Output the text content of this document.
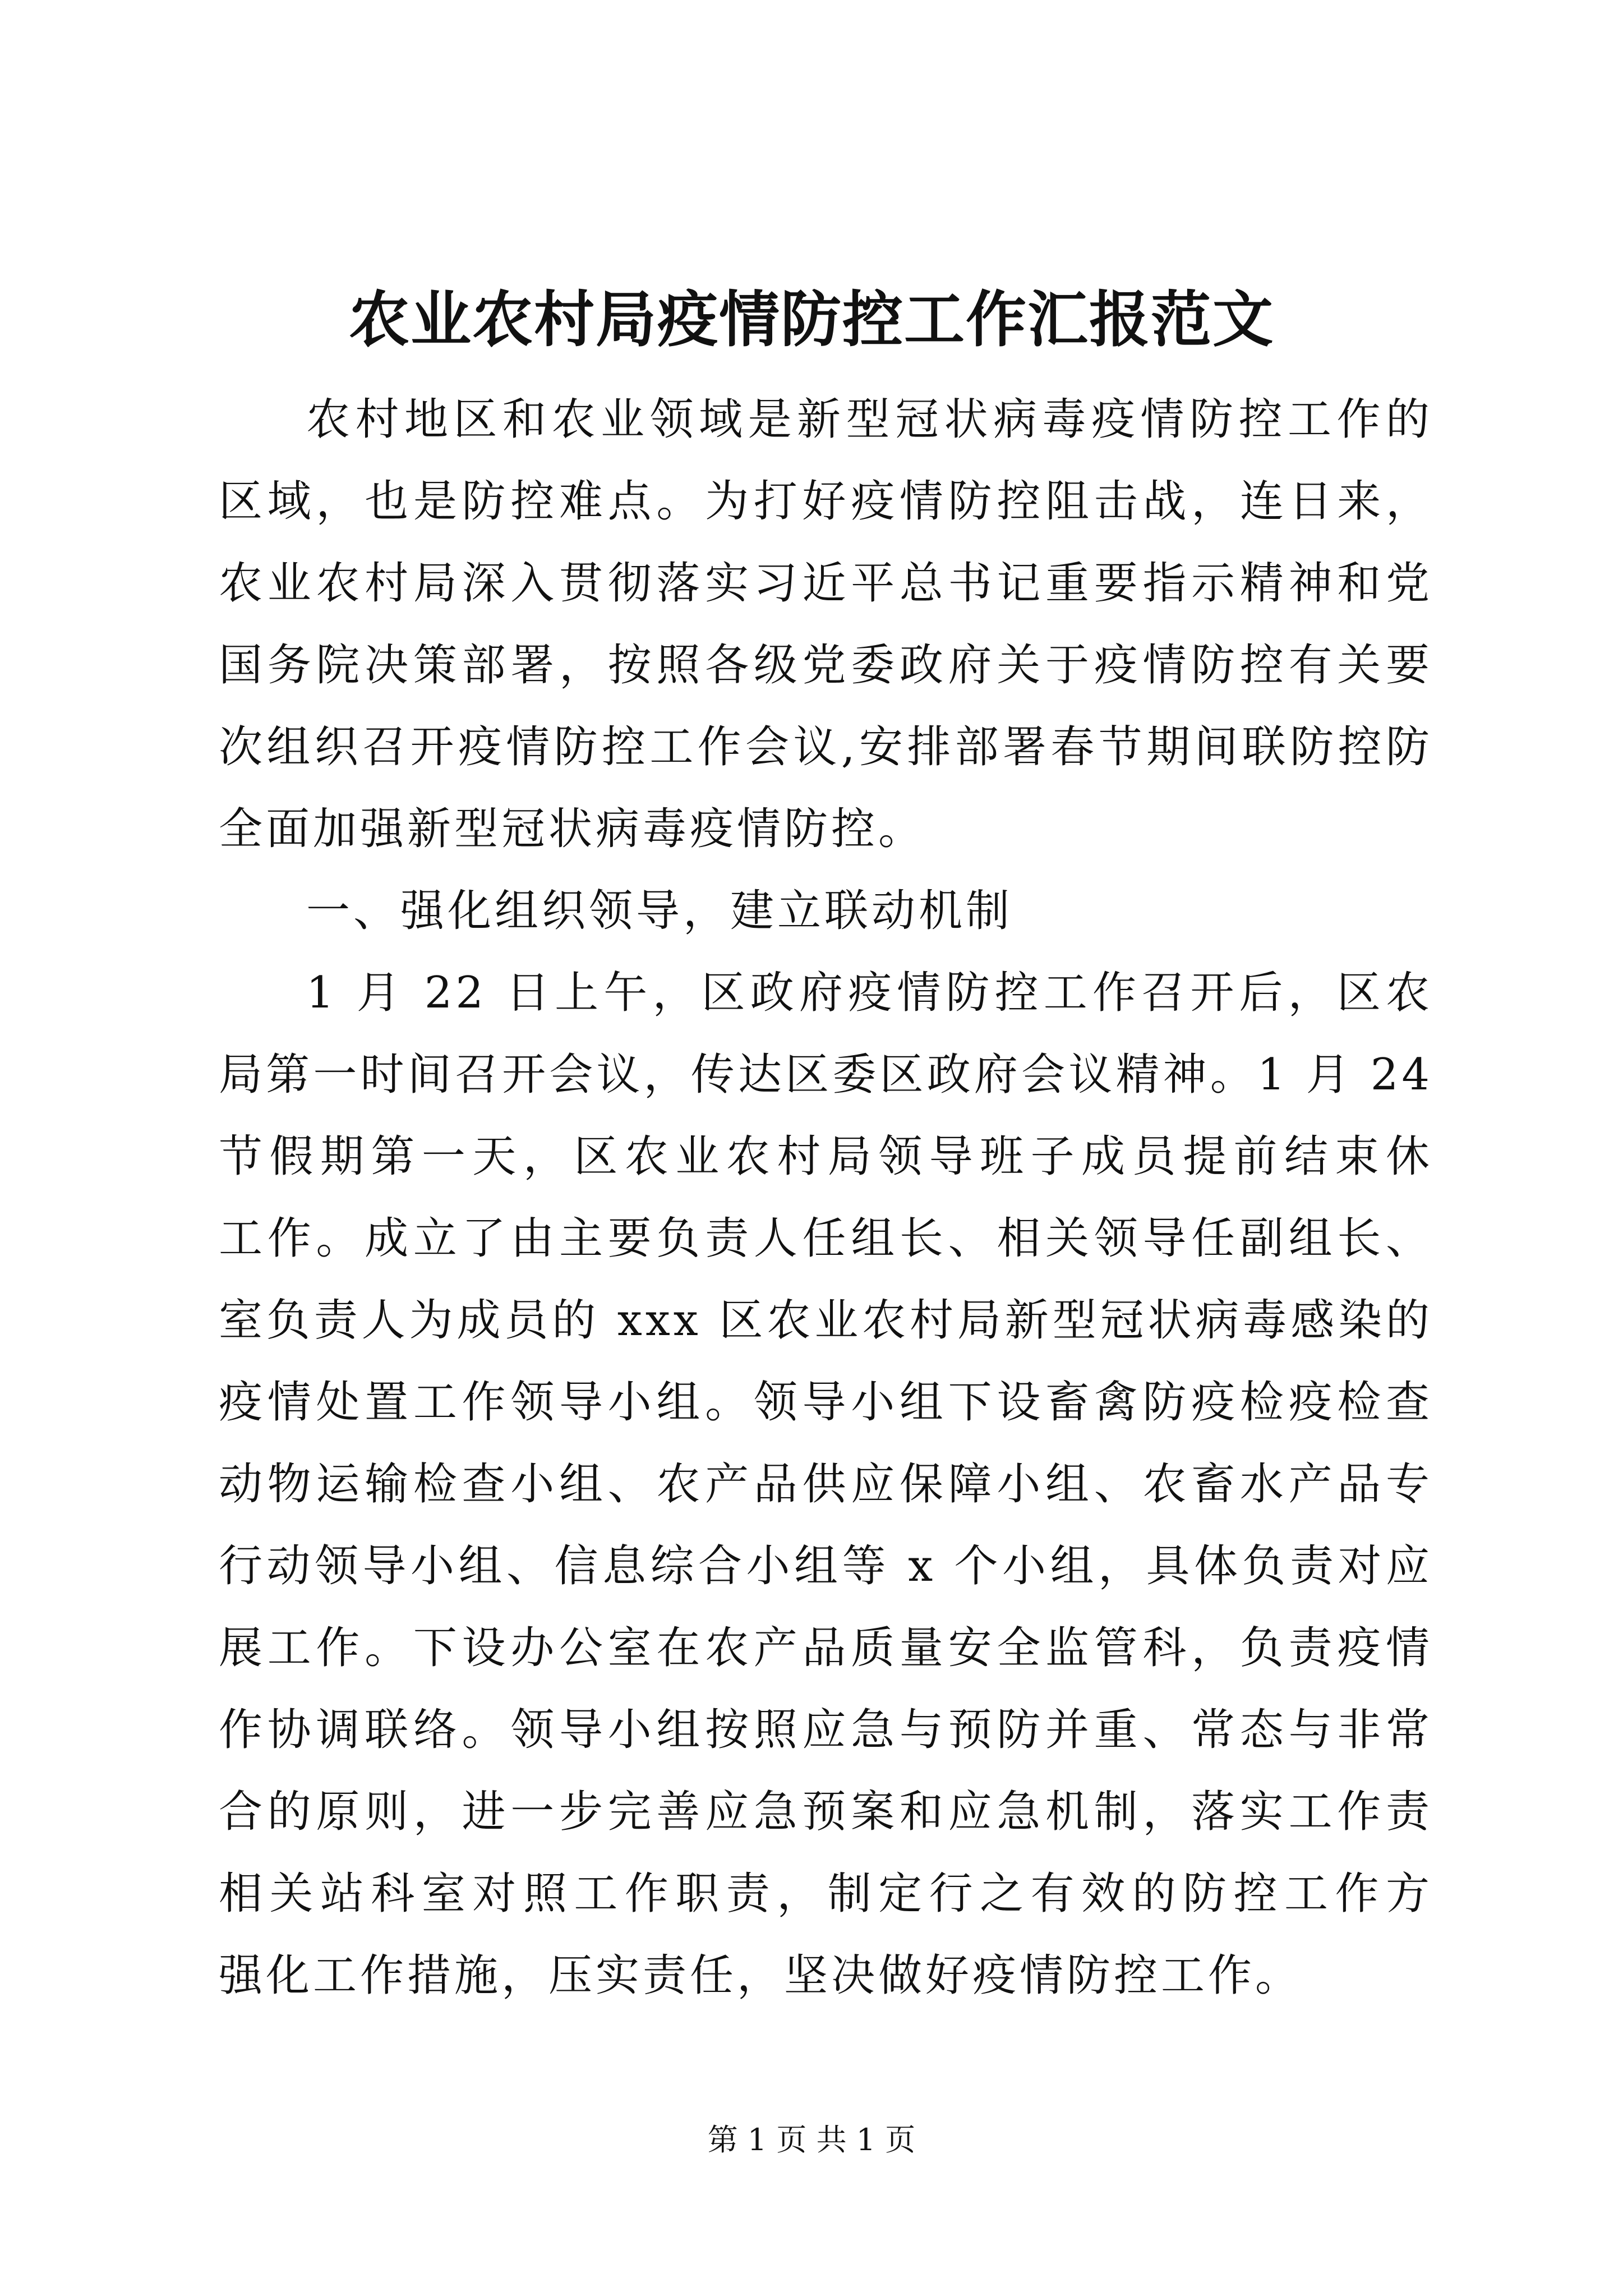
农业农村局疫情防控工作汇报范文
农村地区和农业领域是新型冠状病毒疫情防控工作的
区域，也是防控难点。为打好疫情防控阻击战，连日来，
农业农村局深入贯彻落实习近平总书记重要指示精神和党
国务院决策部署，按照各级党委政府关于疫情防控有关要
次组织召开疫情防控工作会议,安排部署春节期间联防控防
全面加强新型冠状病毒疫情防控。
一、强化组织领导，建立联动机制
1 月 22 日上午，区政府疫情防控工作召开后，区农
局第一时间召开会议，传达区委区政府会议精神。1 月 24
节假期第一天，区农业农村局领导班子成员提前结束休
工作。成立了由主要负责人任组长、相关领导任副组长、
室负责人为成员的 xxx 区农业农村局新型冠状病毒感染的
疫情处置工作领导小组。领导小组下设畜禽防疫检疫检查
动物运输检查小组、农产品供应保障小组、农畜水产品专
行动领导小组、信息综合小组等 x 个小组，具体负责对应
展工作。下设办公室在农产品质量安全监管科，负责疫情
作协调联络。领导小组按照应急与预防并重、常态与非常
合的原则，进一步完善应急预案和应急机制，落实工作责
相关站科室对照工作职责，制定行之有效的防控工作方
强化工作措施，压实责任，坚决做好疫情防控工作。
第 1 页 共 1 页
